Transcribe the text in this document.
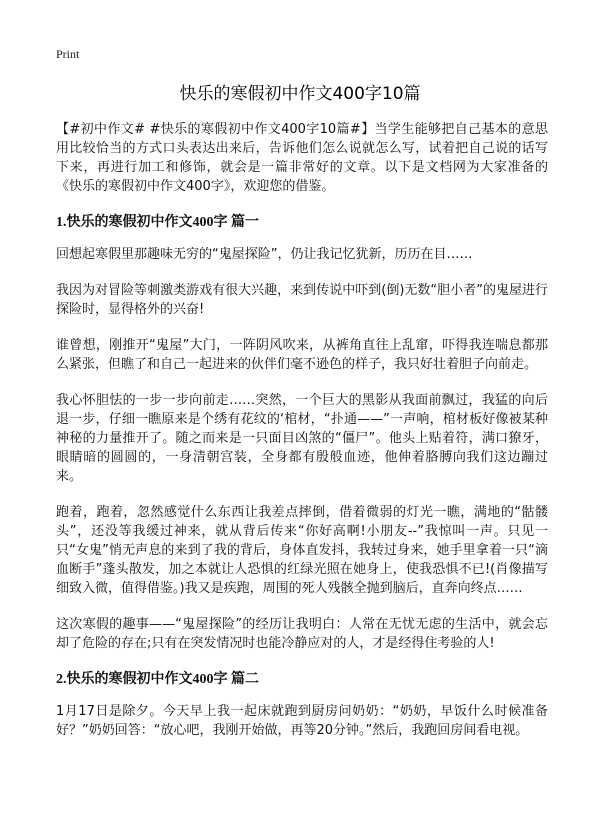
Print
快乐的寒假初中作文400字10篇

【#初中作文# #快乐的寒假初中作文400字10篇#】当学生能够把自己基本的意思用比较恰当的方式口头表达出来后，告诉他们怎么说就怎么写，试着把自己说的话写下来，再进行加工和修饰，就会是一篇非常好的文章。以下是文档网为大家准备的《快乐的寒假初中作文400字》，欢迎您的借鉴。

1.快乐的寒假初中作文400字 篇一

回想起寒假里那趣味无穷的“鬼屋探险”，仍让我记忆犹新，历历在目……

我因为对冒险等刺激类游戏有很大兴趣，来到传说中吓到(倒)无数“胆小者”的鬼屋进行探险时，显得格外的兴奋!

谁曾想，刚推开“鬼屋”大门，一阵阴风吹来，从裤角直往上乱窜，吓得我连喘息都那么紧张，但瞧了和自己一起进来的伙伴们毫不逊色的样子，我只好壮着胆子向前走。

我心怀胆怯的一步一步向前走……突然，一个巨大的黑影从我面前飘过，我猛的向后退一步，仔细一瞧原来是个绣有花纹的‘棺材，“扑通——”一声响，棺材板好像被某种神秘的力量推开了。随之而来是一只面目凶煞的“僵尸”。他头上贴着符，满口獠牙，眼睛暗的圆圆的，一身清朝宫装，全身都有殷般血迹，他伸着胳膊向我们这边蹦过来。

跑着，跑着，忽然感觉什么东西让我差点摔倒，借着微弱的灯光一瞧，满地的“骷髅头”，还没等我缓过神来，就从背后传来“你好高啊!小朋友--”我惊叫一声。只见一只“女鬼”悄无声息的来到了我的背后，身体直发抖，我转过身来，她手里拿着一只“滴血断手”蓬头散发，加之本就让人恐惧的红绿光照在她身上，使我恐惧不已!(肖像描写细致入微，值得借鉴。)我又是疾跑，周围的死人残骸全抛到脑后，直奔向终点……

这次寒假的趣事——“鬼屋探险”的经历让我明白：人常在无忧无虑的生活中，就会忘却了危险的存在;只有在突发情况时也能冷静应对的人，才是经得住考验的人!

2.快乐的寒假初中作文400字 篇二

1月17日是除夕。今天早上我一起床就跑到厨房问奶奶：“奶奶，早饭什么时候准备好？”奶奶回答：“放心吧，我刚开始做，再等20分钟。”然后，我跑回房间看电视。
